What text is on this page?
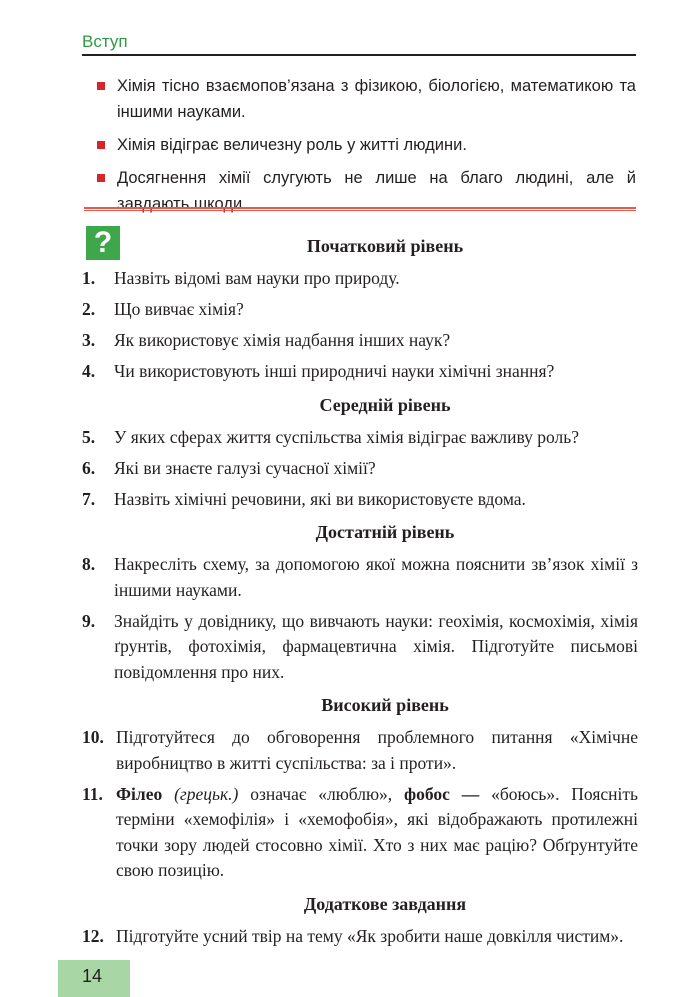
Вступ
Хімія тісно взаємопов’язана з фізикою, біологією, математикою та іншими науками.
Хімія відіграє величезну роль у житті людини.
Досягнення хімії слугують не лише на благо людині, але й завдають шкоди.
?	Початковий рівень
1. Назвіть відомі вам науки про природу.
2. Що вивчає хімія?
3. Як використовує хімія надбання інших наук?
4. Чи використовують інші природничі науки хімічні знання?
Середній рівень
5. У яких сферах життя суспільства хімія відіграє важливу роль?
6. Які ви знаєте галузі сучасної хімії?
7. Назвіть хімічні речовини, які ви використовуєте вдома.
Достатній рівень
8. Накресліть схему, за допомогою якої можна пояснити зв’язок хімії з іншими науками.
9. Знайдіть у довіднику, що вивчають науки: геохімія, космохімія, хімія ґрунтів, фотохімія, фармацевтична хімія. Підготуйте письмові повідомлення про них.
Високий рівень
10. Підготуйтеся до обговорення проблемного питання «Хімічне виробництво в житті суспільства: за і проти».
11. Філео (грецьк.) означає «люблю», фобос — «боюсь». Поясніть терміни «хемофілія» і «хемофобія», які відображають протилежні точки зору людей стосовно хімії. Хто з них має рацію? Обґрунтуйте свою позицію.
Додаткове завдання
12. Підготуйте усний твір на тему «Як зробити наше довкілля чистим».
14
